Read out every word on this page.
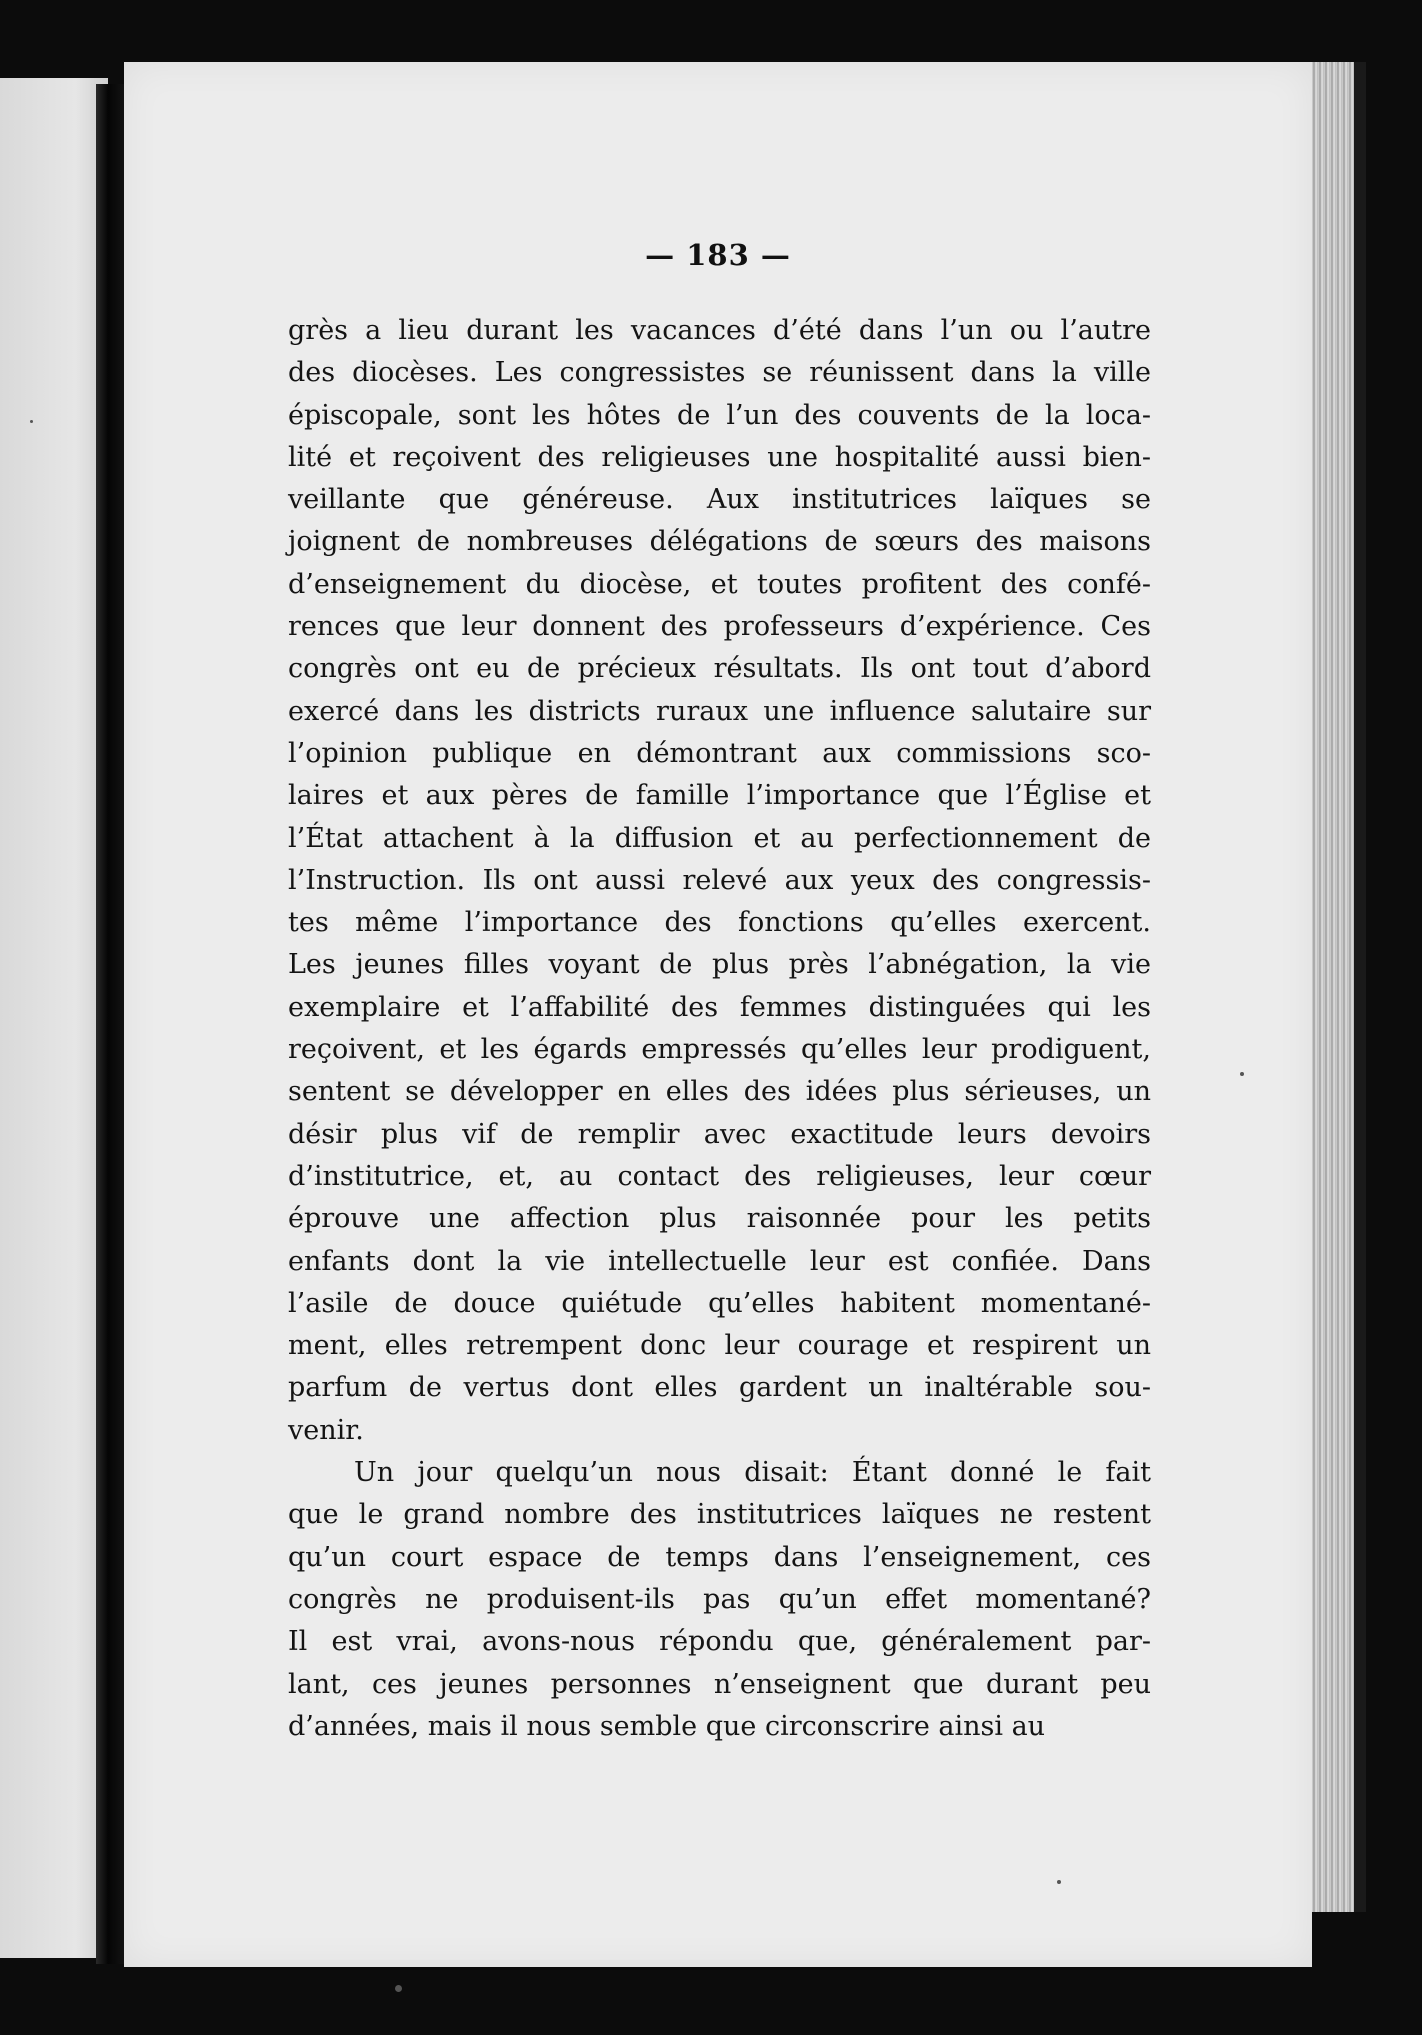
— 183 —
grès a lieu durant les vacances d’été dans l’un ou l’autre
des diocèses. Les congressistes se réunissent dans la ville
épiscopale, sont les hôtes de l’un des couvents de la loca-
lité et reçoivent des religieuses une hospitalité aussi bien-
veillante que généreuse. Aux institutrices laïques se
joignent de nombreuses délégations de sœurs des maisons
d’enseignement du diocèse, et toutes profitent des confé-
rences que leur donnent des professeurs d’expérience. Ces
congrès ont eu de précieux résultats. Ils ont tout d’abord
exercé dans les districts ruraux une influence salutaire sur
l’opinion publique en démontrant aux commissions sco-
laires et aux pères de famille l’importance que l’Église et
l’État attachent à la diffusion et au perfectionnement de
l’Instruction. Ils ont aussi relevé aux yeux des congressis-
tes même l’importance des fonctions qu’elles exercent.
Les jeunes filles voyant de plus près l’abnégation, la vie
exemplaire et l’affabilité des femmes distinguées qui les
reçoivent, et les égards empressés qu’elles leur prodiguent,
sentent se développer en elles des idées plus sérieuses, un
désir plus vif de remplir avec exactitude leurs devoirs
d’institutrice, et, au contact des religieuses, leur cœur
éprouve une affection plus raisonnée pour les petits
enfants dont la vie intellectuelle leur est confiée. Dans
l’asile de douce quiétude qu’elles habitent momentané-
ment, elles retrempent donc leur courage et respirent un
parfum de vertus dont elles gardent un inaltérable sou-
venir.
Un jour quelqu’un nous disait: Étant donné le fait
que le grand nombre des institutrices laïques ne restent
qu’un court espace de temps dans l’enseignement, ces
congrès ne produisent-ils pas qu’un effet momentané?
Il est vrai, avons-nous répondu que, généralement par-
lant, ces jeunes personnes n’enseignent que durant peu
d’années, mais il nous semble que circonscrire ainsi au
